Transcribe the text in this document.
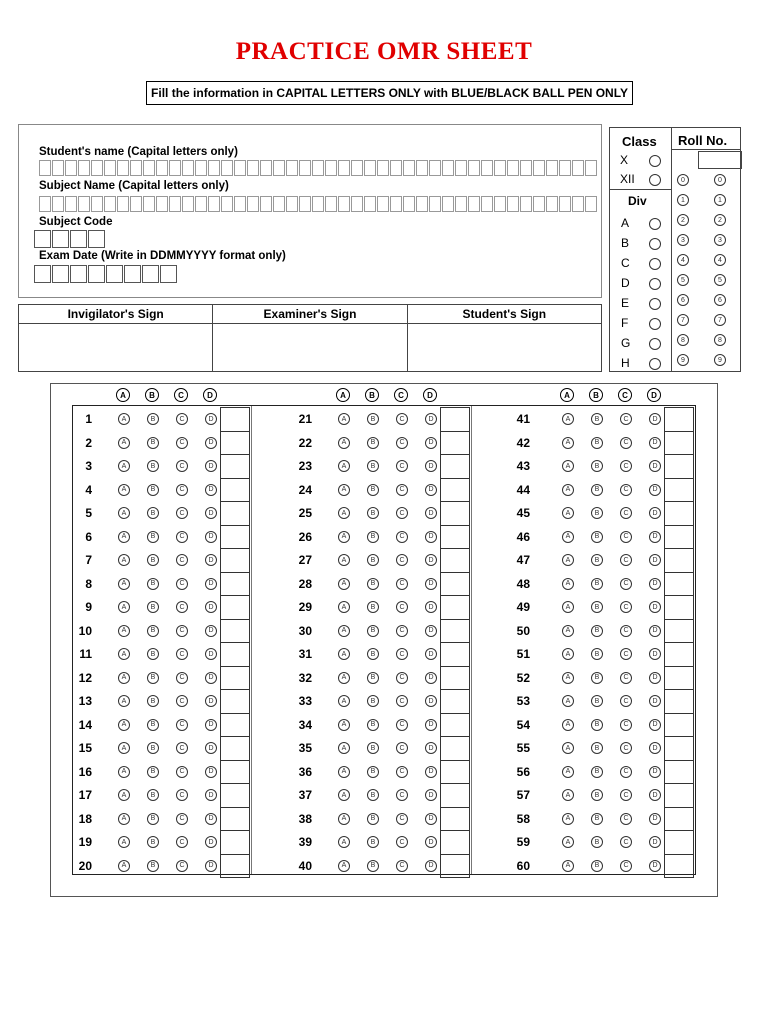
PRACTICE OMR SHEET
Fill the information in CAPITAL LETTERS ONLY with BLUE/BLACK BALL PEN ONLY
Student's name (Capital letters only)
Subject Name (Capital letters only)
Subject Code
Exam Date (Write in DDMMYYYY format only)
Invigilator's Sign	Examiner's Sign	Student's Sign
Class Roll No.
Div
X
XII
A
B
C
D
E
F
G
H
0	0
1	1
2	2
3	3
4	4
5	5
6	6
7	7
8	8
9	9
A	B	C	D
1	A	B	C	D
2	A	B	C	D
3	A	B	C	D
4	A	B	C	D
5	A	B	C	D
6	A	B	C	D
7	A	B	C	D
8	A	B	C	D
9	A	B	C	D
10	A	B	C	D
11	A	B	C	D
12	A	B	C	D
13	A	B	C	D
14	A	B	C	D
15	A	B	C	D
16	A	B	C	D
17	A	B	C	D
18	A	B	C	D
19	A	B	C	D
20	A	B	C	D
A	B	C	D
21	A	B	C	D
22	A	B	C	D
23	A	B	C	D
24	A	B	C	D
25	A	B	C	D
26	A	B	C	D
27	A	B	C	D
28	A	B	C	D
29	A	B	C	D
30	A	B	C	D
31	A	B	C	D
32	A	B	C	D
33	A	B	C	D
34	A	B	C	D
35	A	B	C	D
36	A	B	C	D
37	A	B	C	D
38	A	B	C	D
39	A	B	C	D
40	A	B	C	D
A	B	C	D
41	A	B	C	D
42	A	B	C	D
43	A	B	C	D
44	A	B	C	D
45	A	B	C	D
46	A	B	C	D
47	A	B	C	D
48	A	B	C	D
49	A	B	C	D
50	A	B	C	D
51	A	B	C	D
52	A	B	C	D
53	A	B	C	D
54	A	B	C	D
55	A	B	C	D
56	A	B	C	D
57	A	B	C	D
58	A	B	C	D
59	A	B	C	D
60	A	B	C	D
